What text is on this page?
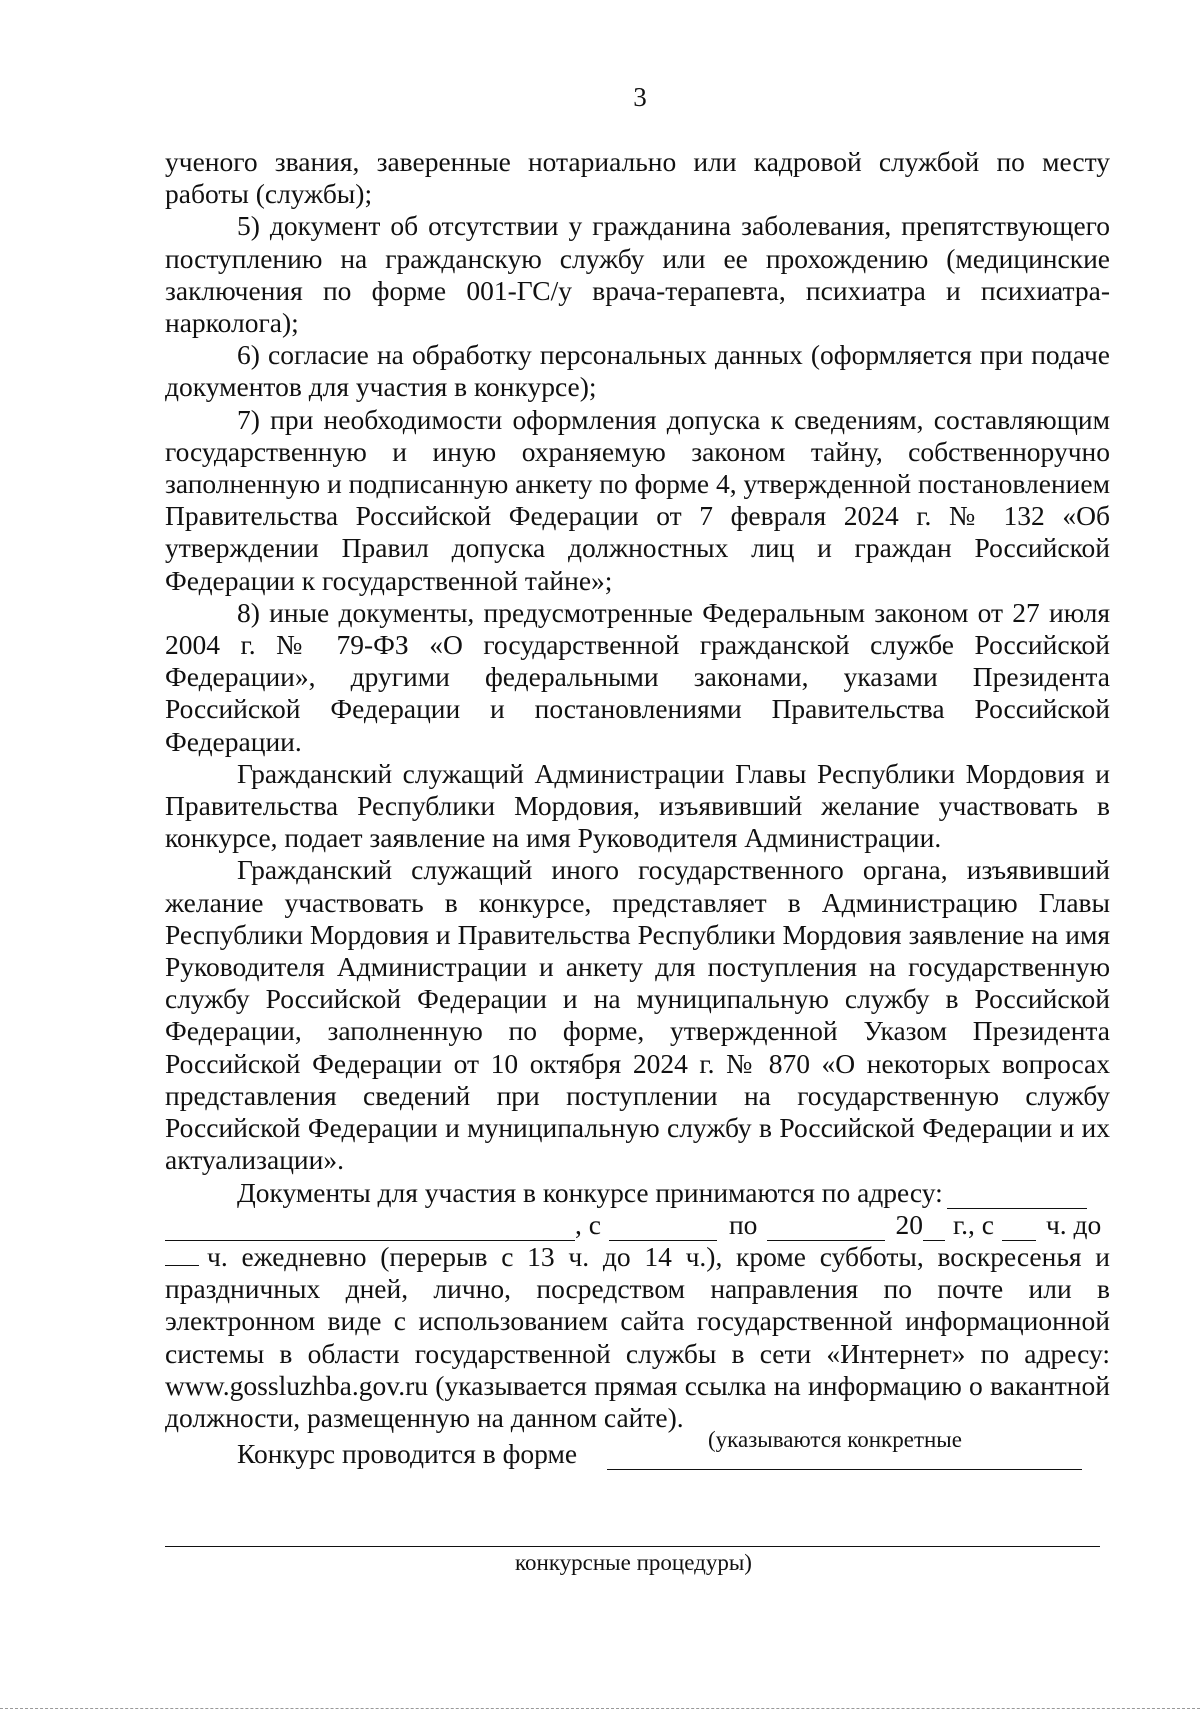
3

ученого звания, заверенные нотариально или кадровой службой по месту работы (службы);

5) документ об отсутствии у гражданина заболевания, препятствующего поступлению на гражданскую службу или ее прохождению (медицинские заключения по форме 001-ГС/у врача-терапевта, психиатра и психиатра-нарколога);

6) согласие на обработку персональных данных (оформляется при подаче документов для участия в конкурсе);

7) при необходимости оформления допуска к сведениям, составляющим государственную и иную охраняемую законом тайну, собственноручно заполненную и подписанную анкету по форме 4, утвержденной постановлением Правительства Российской Федерации от 7 февраля 2024 г. № 132 «Об утверждении Правил допуска должностных лиц и граждан Российской Федерации к государственной тайне»;

8) иные документы, предусмотренные Федеральным законом от 27 июля 2004 г. № 79-ФЗ «О государственной гражданской службе Российской Федерации», другими федеральными законами, указами Президента Российской Федерации и постановлениями Правительства Российской Федерации.

Гражданский служащий Администрации Главы Республики Мордовия и Правительства Республики Мордовия, изъявивший желание участвовать в конкурсе, подает заявление на имя Руководителя Администрации.

Гражданский служащий иного государственного органа, изъявивший желание участвовать в конкурсе, представляет в Администрацию Главы Республики Мордовия и Правительства Республики Мордовия заявление на имя Руководителя Администрации и анкету для поступления на государственную службу Российской Федерации и на муниципальную службу в Российской Федерации, заполненную по форме, утвержденной Указом Президента Российской Федерации от 10 октября 2024 г. № 870 «О некоторых вопросах представления сведений при поступлении на государственную службу Российской Федерации и муниципальную службу в Российской Федерации и их актуализации».

Документы для участия в конкурсе принимаются по адресу:

, с	по	20 г., с ч. до

ч. ежедневно (перерыв с 13 ч. до 14 ч.), кроме субботы, воскресенья и праздничных дней, лично, посредством направления по почте или в электронном виде с использованием сайта государственной информационной системы в области государственной службы в сети «Интернет» по адресу: www.gossluzhba.gov.ru (указывается прямая ссылка на информацию о вакантной должности, размещенную на данном сайте).

Конкурс проводится в форме	(указываются конкретные
конкурсные процедуры)
